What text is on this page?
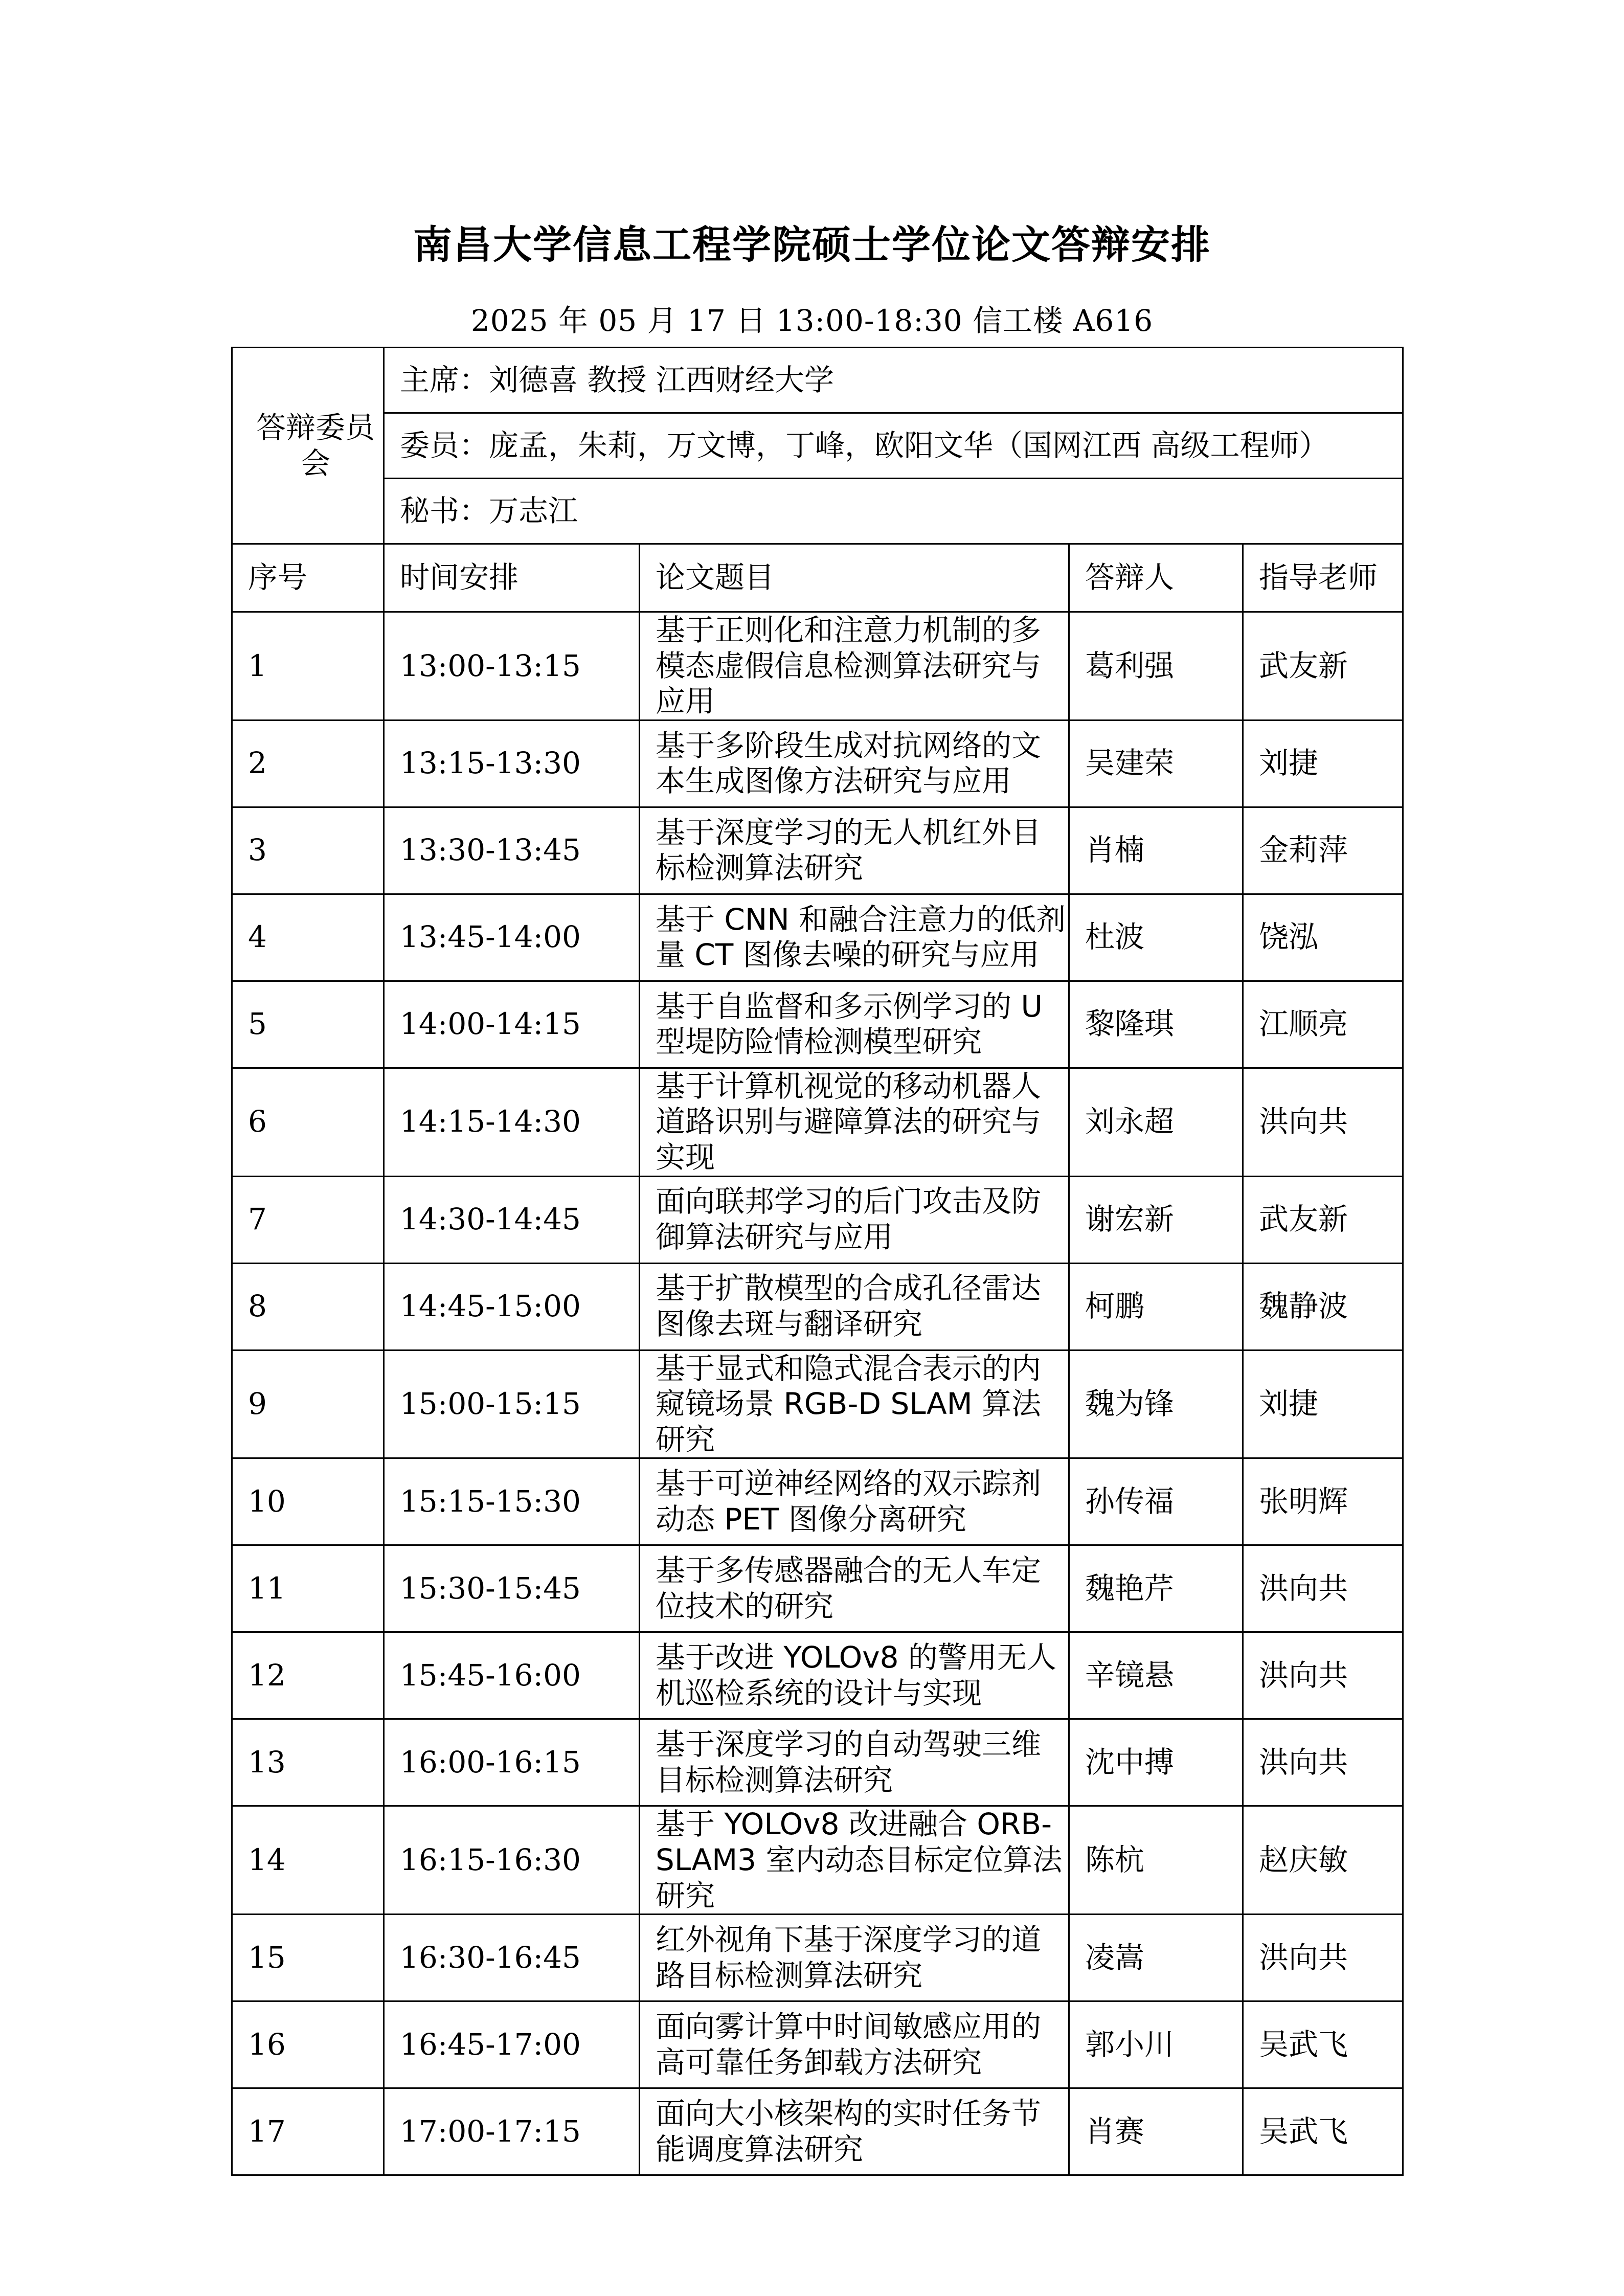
南昌大学信息工程学院硕士学位论文答辩安排
2025 年 05 月 17 日 13:00-18:30 信工楼 A616
答辩委员会	主席：刘德喜 教授 江西财经大学			
	委员：庞孟，朱莉，万文博，丁峰，欧阳文华（国网江西 高级工程师）			
	秘书：万志江			
序号	时间安排	论文题目	答辩人	指导老师
1	13:00-13:15	基于正则化和注意力机制的多模态虚假信息检测算法研究与应用	葛利强	武友新
2	13:15-13:30	基于多阶段生成对抗网络的文本生成图像方法研究与应用	吴建荣	刘捷
3	13:30-13:45	基于深度学习的无人机红外目标检测算法研究	肖楠	金莉萍
4	13:45-14:00	基于 CNN 和融合注意力的低剂量 CT 图像去噪的研究与应用	杜波	饶泓
5	14:00-14:15	基于自监督和多示例学习的 U 型堤防险情检测模型研究	黎隆琪	江顺亮
6	14:15-14:30	基于计算机视觉的移动机器人道路识别与避障算法的研究与实现	刘永超	洪向共
7	14:30-14:45	面向联邦学习的后门攻击及防御算法研究与应用	谢宏新	武友新
8	14:45-15:00	基于扩散模型的合成孔径雷达图像去斑与翻译研究	柯鹏	魏静波
9	15:00-15:15	基于显式和隐式混合表示的内窥镜场景 RGB-D SLAM 算法研究	魏为锋	刘捷
10	15:15-15:30	基于可逆神经网络的双示踪剂动态 PET 图像分离研究	孙传福	张明辉
11	15:30-15:45	基于多传感器融合的无人车定位技术的研究	魏艳芹	洪向共
12	15:45-16:00	基于改进 YOLOv8 的警用无人机巡检系统的设计与实现	辛镜悬	洪向共
13	16:00-16:15	基于深度学习的自动驾驶三维目标检测算法研究	沈中搏	洪向共
14	16:15-16:30	基于 YOLOv8 改进融合 ORB-SLAM3 室内动态目标定位算法研究	陈杭	赵庆敏
15	16:30-16:45	红外视角下基于深度学习的道路目标检测算法研究	凌嵩	洪向共
16	16:45-17:00	面向雾计算中时间敏感应用的高可靠任务卸载方法研究	郭小川	吴武飞
17	17:00-17:15	面向大小核架构的实时任务节能调度算法研究	肖赛	吴武飞
